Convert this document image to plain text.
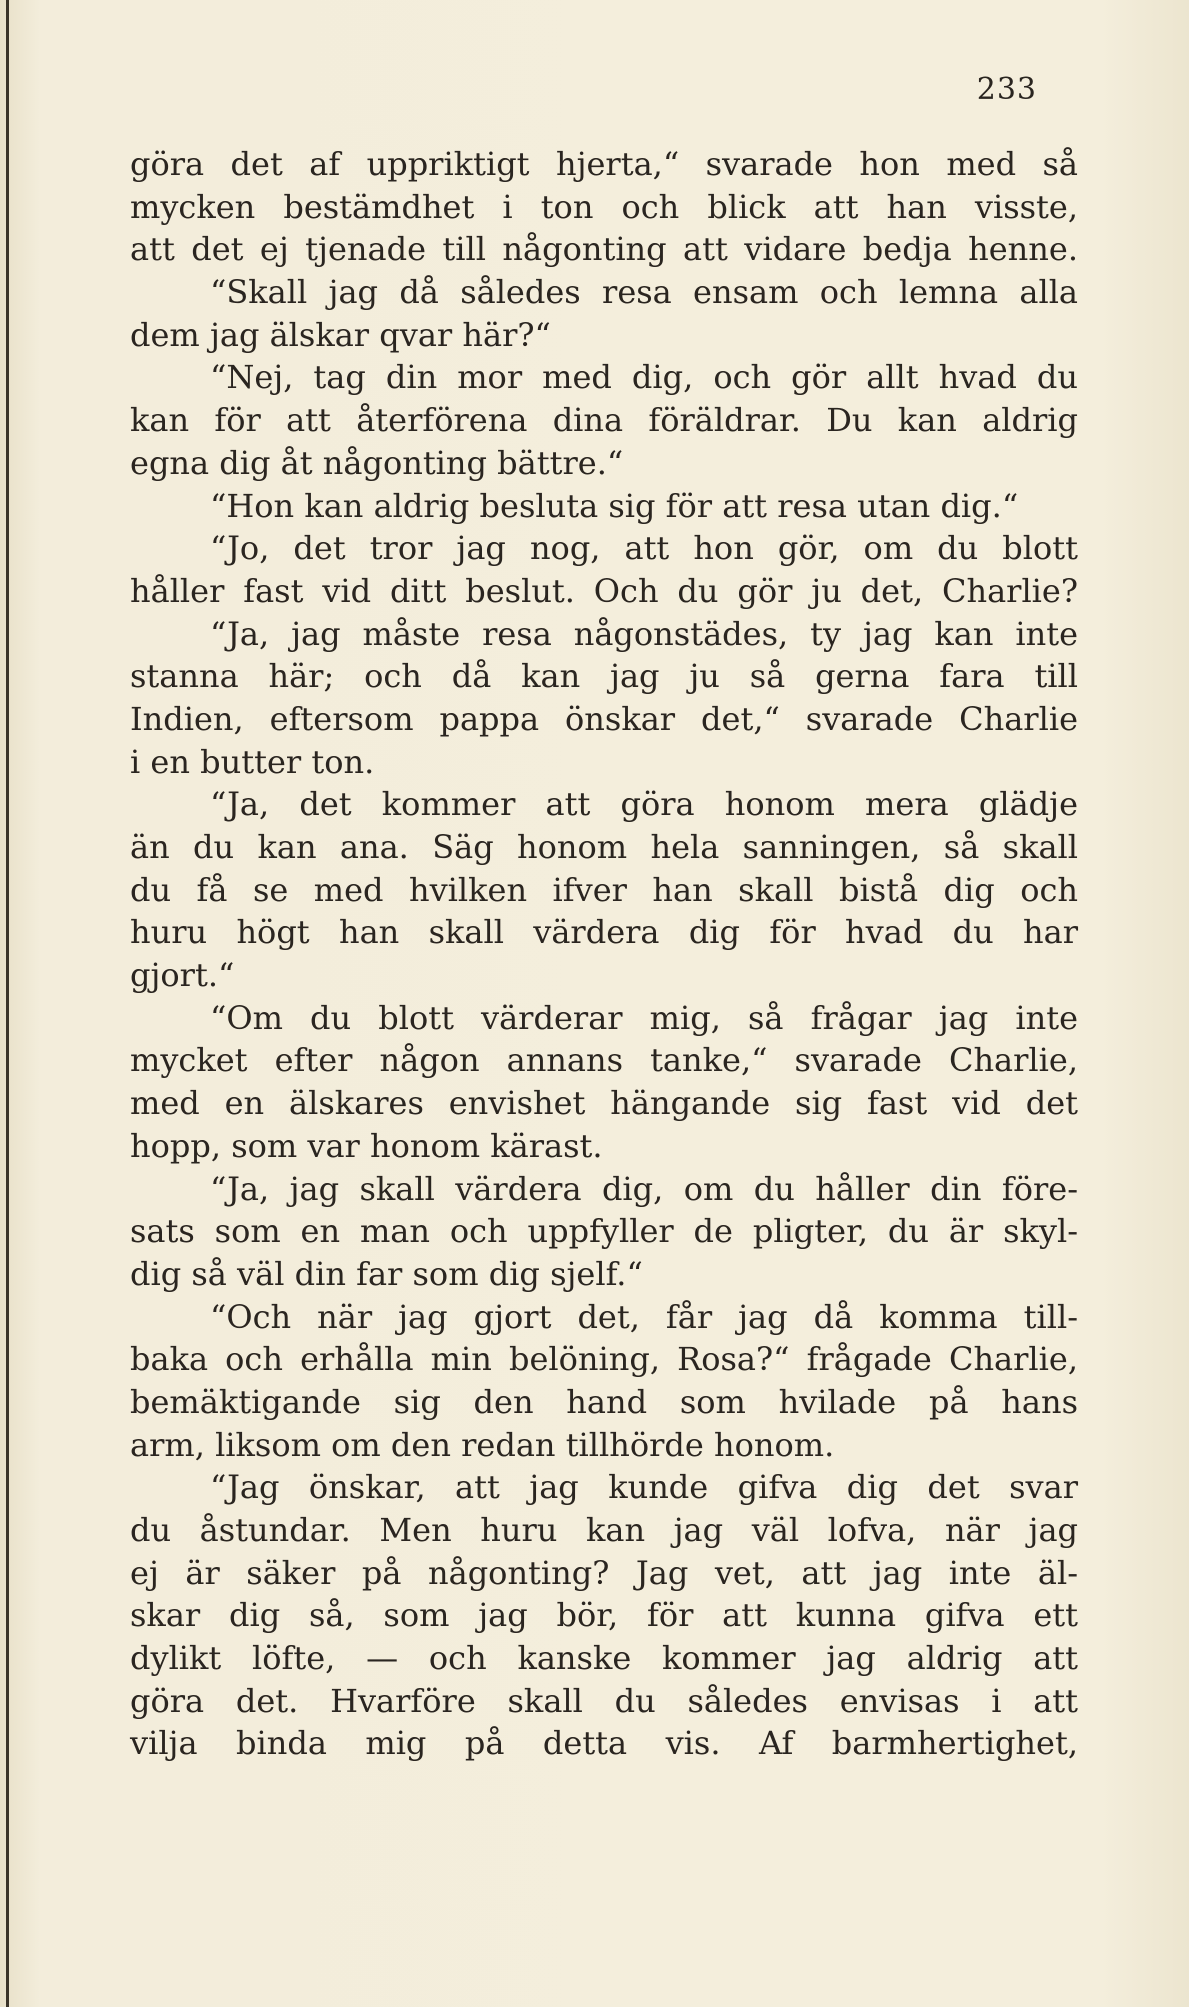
233
göra det af uppriktigt hjerta,“ svarade hon med så
mycken bestämdhet i ton och blick att han visste,
att det ej tjenade till någonting att vidare bedja henne.
“Skall jag då således resa ensam och lemna alla
dem jag älskar qvar här?“
“Nej, tag din mor med dig, och gör allt hvad du
kan för att återförena dina föräldrar. Du kan aldrig
egna dig åt någonting bättre.“
“Hon kan aldrig besluta sig för att resa utan dig.“
“Jo, det tror jag nog, att hon gör, om du blott
håller fast vid ditt beslut. Och du gör ju det, Charlie?
“Ja, jag måste resa någonstädes, ty jag kan inte
stanna här; och då kan jag ju så gerna fara till
Indien, eftersom pappa önskar det,“ svarade Charlie
i en butter ton.
“Ja, det kommer att göra honom mera glädje
än du kan ana. Säg honom hela sanningen, så skall
du få se med hvilken ifver han skall bistå dig och
huru högt han skall värdera dig för hvad du har
gjort.“
“Om du blott värderar mig, så frågar jag inte
mycket efter någon annans tanke,“ svarade Charlie,
med en älskares envishet hängande sig fast vid det
hopp, som var honom kärast.
“Ja, jag skall värdera dig, om du håller din före-
sats som en man och uppfyller de pligter, du är skyl-
dig så väl din far som dig sjelf.“
“Och när jag gjort det, får jag då komma till-
baka och erhålla min belöning, Rosa?“ frågade Charlie,
bemäktigande sig den hand som hvilade på hans
arm, liksom om den redan tillhörde honom.
“Jag önskar, att jag kunde gifva dig det svar
du åstundar. Men huru kan jag väl lofva, när jag
ej är säker på någonting? Jag vet, att jag inte äl-
skar dig så, som jag bör, för att kunna gifva ett
dylikt löfte, — och kanske kommer jag aldrig att
göra det. Hvarföre skall du således envisas i att
vilja binda mig på detta vis. Af barmhertighet,
